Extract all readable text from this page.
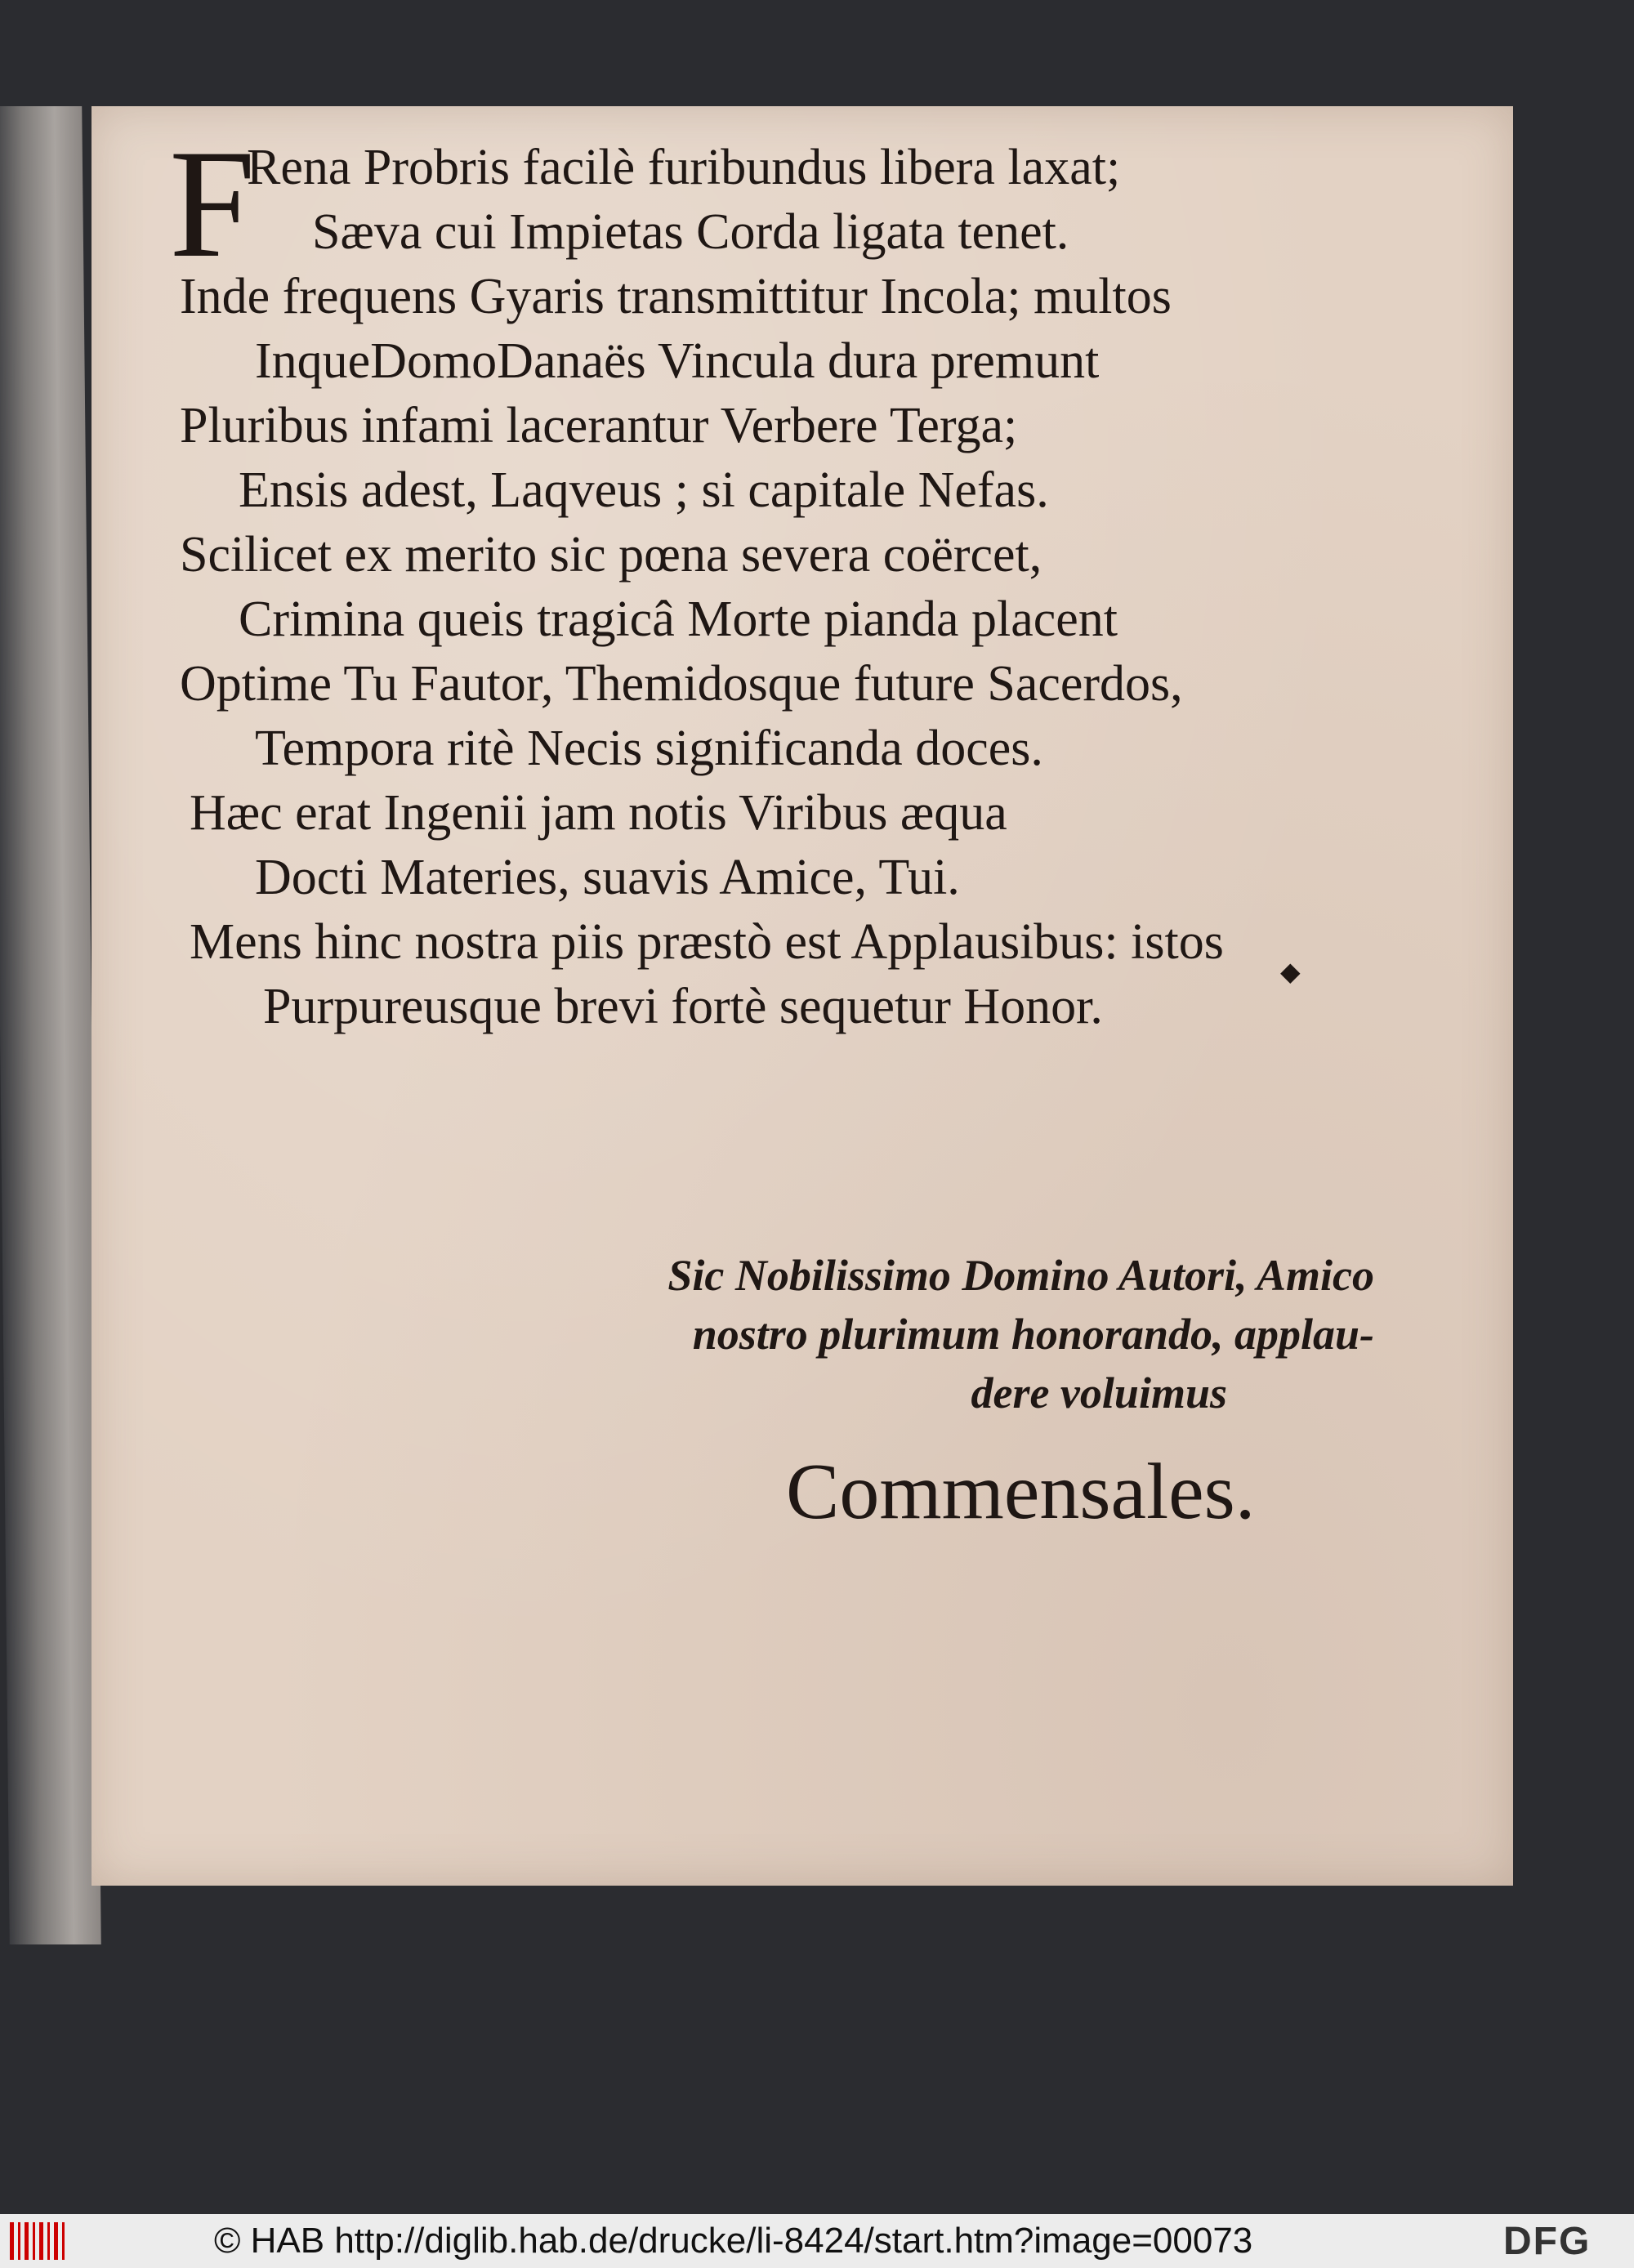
F
Rena Probris facilè furibundus libera laxat;
Sæva cui Impietas Corda ligata tenet.
Inde frequens Gyaris transmittitur Incola; multos
InqueDomoDanaës Vincula dura premunt
Pluribus infami lacerantur Verbere Terga;
Ensis adest, Laqveus ; si capitale Nefas.
Scilicet ex merito sic pœna severa coërcet,
Crimina queis tragicâ Morte pianda placent
Optime Tu Fautor, Themidosque future Sacerdos,
Tempora ritè Necis significanda doces.
Hæc erat Ingenii jam notis Viribus æqua
Docti Materies, suavis Amice, Tui.
Mens hinc nostra piis præstò est Applausibus: istos
Purpureusque brevi fortè sequetur Honor.
◆
Sic Nobilissimo Domino Autori, Amico
nostro plurimum honorando, applau-
dere voluimus
Commensales.
© HAB http://diglib.hab.de/drucke/li-8424/start.htm?image=00073	DFG
